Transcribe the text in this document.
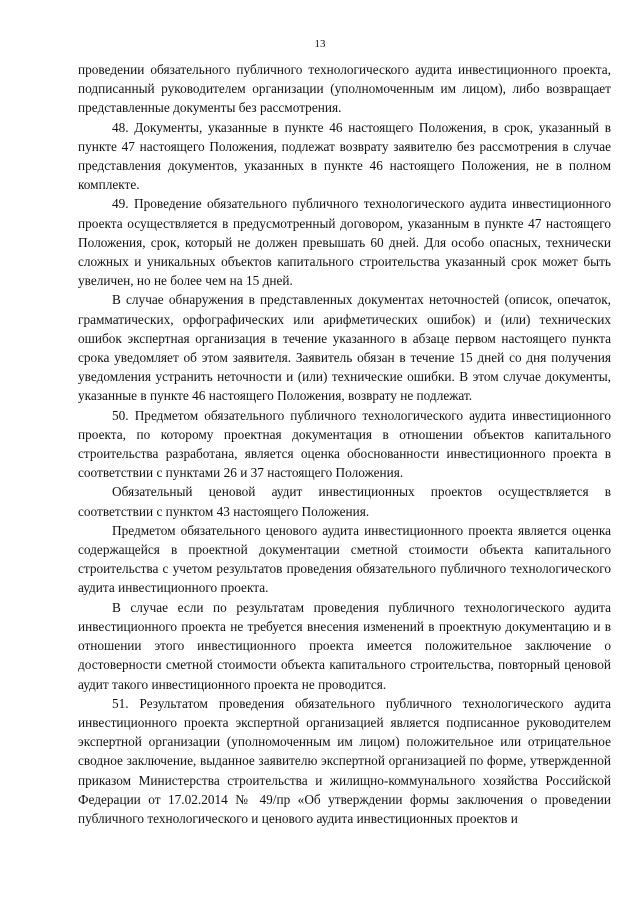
13

проведении обязательного публичного технологического аудита инвестиционного проекта, подписанный руководителем организации (уполномоченным им лицом), либо возвращает представленные документы без рассмотрения.

48. Документы, указанные в пункте 46 настоящего Положения, в срок, указанный в пункте 47 настоящего Положения, подлежат возврату заявителю без рассмотрения в случае представления документов, указанных в пункте 46 настоящего Положения, не в полном комплекте.

49. Проведение обязательного публичного технологического аудита инвестиционного проекта осуществляется в предусмотренный договором, указанным в пункте 47 настоящего Положения, срок, который не должен превышать 60 дней. Для особо опасных, технически сложных и уникальных объектов капитального строительства указанный срок может быть увеличен, но не более чем на 15 дней.

В случае обнаружения в представленных документах неточностей (описок, опечаток, грамматических, орфографических или арифметических ошибок) и (или) технических ошибок экспертная организация в течение указанного в абзаце первом настоящего пункта срока уведомляет об этом заявителя. Заявитель обязан в течение 15 дней со дня получения уведомления устранить неточности и (или) технические ошибки. В этом случае документы, указанные в пункте 46 настоящего Положения, возврату не подлежат.

50. Предметом обязательного публичного технологического аудита инвестиционного проекта, по которому проектная документация в отношении объектов капитального строительства разработана, является оценка обоснованности инвестиционного проекта в соответствии с пунктами 26 и 37 настоящего Положения.

Обязательный ценовой аудит инвестиционных проектов осуществляется в соответствии с пунктом 43 настоящего Положения.

Предметом обязательного ценового аудита инвестиционного проекта является оценка содержащейся в проектной документации сметной стоимости объекта капитального строительства с учетом результатов проведения обязательного публичного технологического аудита инвестиционного проекта.

В случае если по результатам проведения публичного технологического аудита инвестиционного проекта не требуется внесения изменений в проектную документацию и в отношении этого инвестиционного проекта имеется положительное заключение о достоверности сметной стоимости объекта капитального строительства, повторный ценовой аудит такого инвестиционного проекта не проводится.

51. Результатом проведения обязательного публичного технологического аудита инвестиционного проекта экспертной организацией является подписанное руководителем экспертной организации (уполномоченным им лицом) положительное или отрицательное сводное заключение, выданное заявителю экспертной организацией по форме, утвержденной приказом Министерства строительства и жилищно-коммунального хозяйства Российской Федерации от 17.02.2014 № 49/пр «Об утверждении формы заключения о проведении публичного технологического и ценового аудита инвестиционных проектов и
